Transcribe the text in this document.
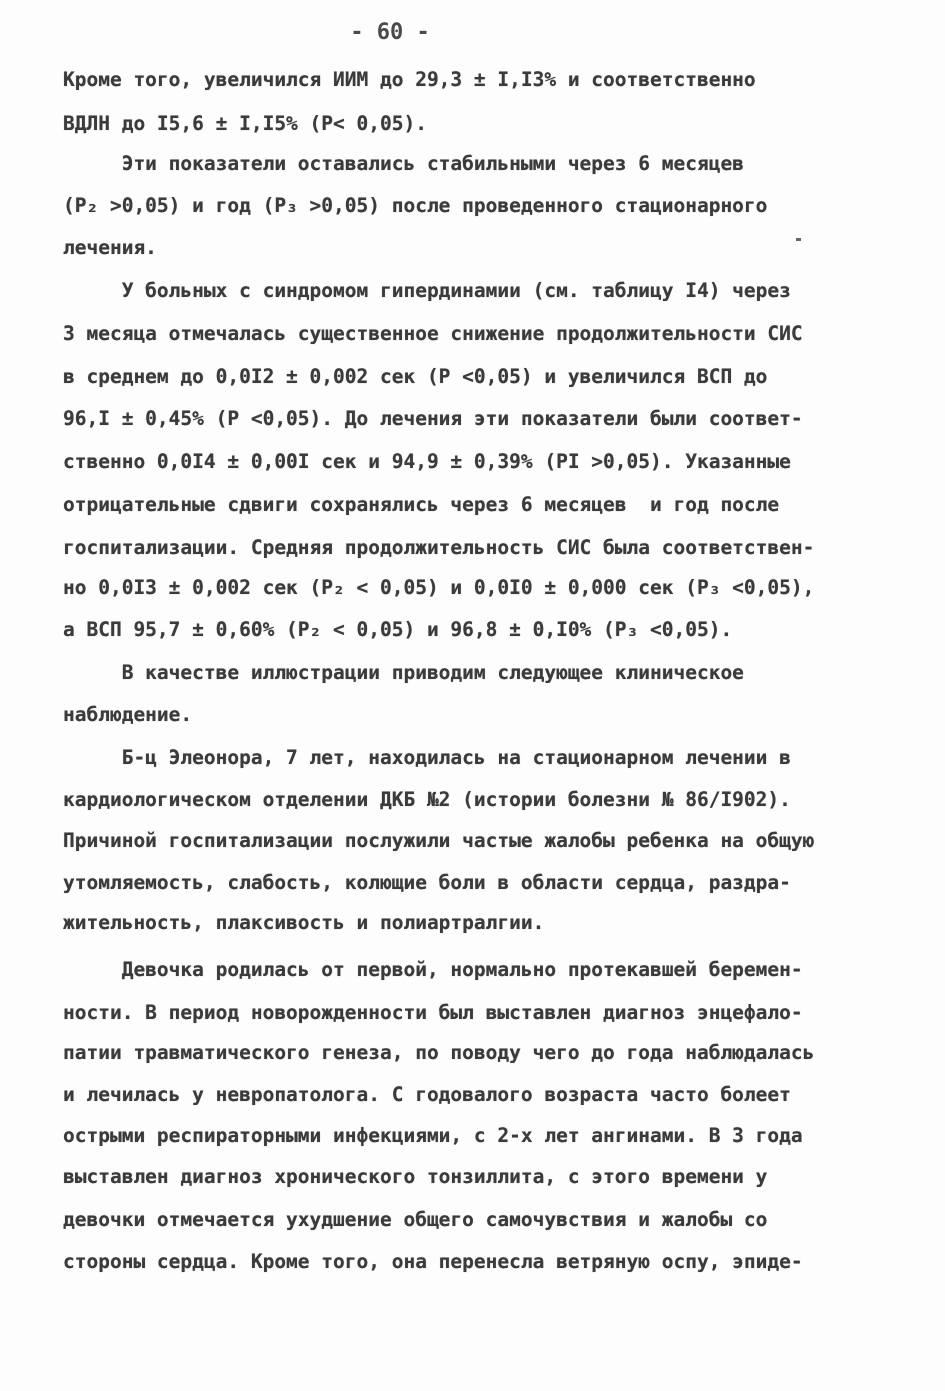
- 60 -
Кроме того, увеличился ИИМ до 29,3 ± I,I3% и соответственно
ВДЛН до I5,6 ± I,I5% (P< 0,05).
Эти показатели оставались стабильными через 6 месяцев
(P₂ >0,05) и год (P₃ >0,05) после проведенного стационарного
лечения.
У больных с синдромом гипердинамии (см. таблицу I4) через
3 месяца отмечалась существенное снижение продолжительности СИС
в среднем до 0,0I2 ± 0,002 сек (P <0,05) и увеличился ВСП до
96,I ± 0,45% (P <0,05). До лечения эти показатели были соответ-
ственно 0,0I4 ± 0,00I сек и 94,9 ± 0,39% (PI >0,05). Указанные
отрицательные сдвиги сохранялись через 6 месяцев  и год после
госпитализации. Средняя продолжительность СИС была соответствен-
но 0,0I3 ± 0,002 сек (P₂ < 0,05) и 0,0I0 ± 0,000 сек (P₃ <0,05),
а ВСП 95,7 ± 0,60% (P₂ < 0,05) и 96,8 ± 0,I0% (P₃ <0,05).
В качестве иллюстрации приводим следующее клиническое
наблюдение.
Б-ц Элеонора, 7 лет, находилась на стационарном лечении в
кардиологическом отделении ДКБ №2 (истории болезни № 86/I902).
Причиной госпитализации послужили частые жалобы ребенка на общую
утомляемость, слабость, колющие боли в области сердца, раздра-
жительность, плаксивость и полиартралгии.
Девочка родилась от первой, нормально протекавшей беремен-
ности. В период новорожденности был выставлен диагноз энцефало-
патии травматического генеза, по поводу чего до года наблюдалась
и лечилась у невропатолога. С годовалого возраста часто болеет
острыми респираторными инфекциями, с 2-х лет ангинами. В 3 года
выставлен диагноз хронического тонзиллита, с этого времени у
девочки отмечается ухудшение общего самочувствия и жалобы со
стороны сердца. Кроме того, она перенесла ветряную оспу, эпиде-
